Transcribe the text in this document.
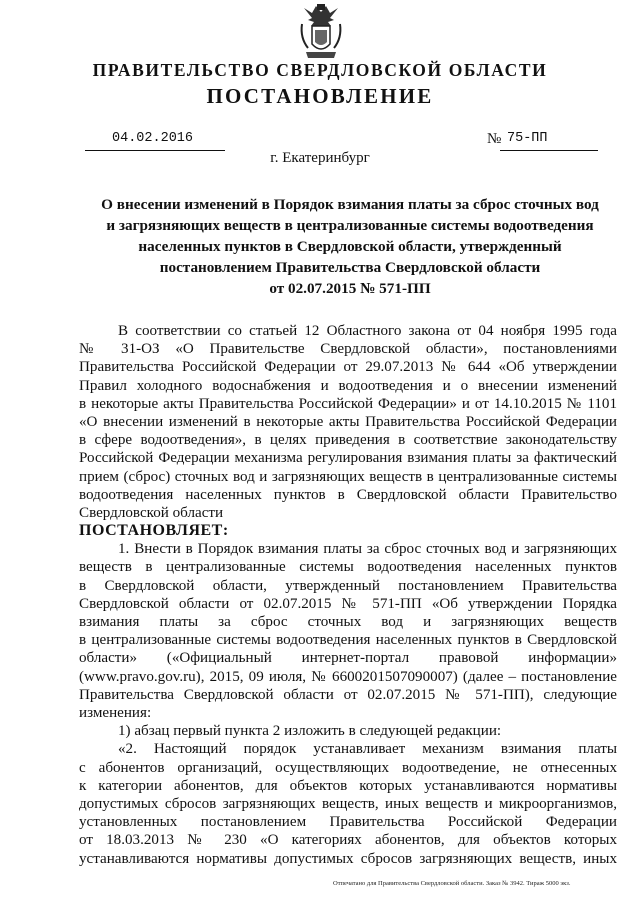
ПРАВИТЕЛЬСТВО СВЕРДЛОВСКОЙ ОБЛАСТИ
ПОСТАНОВЛЕНИЕ
04.02.2016	№ 75-ПП
г. Екатеринбург
О внесении изменений в Порядок взимания платы за сброс сточных вод
и загрязняющих веществ в централизованные системы водоотведения
населенных пунктов в Свердловской области, утвержденный
постановлением Правительства Свердловской области
от 02.07.2015 № 571-ПП
В соответствии со статьей 12 Областного закона от 04 ноября 1995 года
№ 31-ОЗ «О Правительстве Свердловской области», постановлениями
Правительства Российской Федерации от 29.07.2013 № 644 «Об утверждении
Правил холодного водоснабжения и водоотведения и о внесении изменений
в некоторые акты Правительства Российской Федерации» и от 14.10.2015 № 1101
«О внесении изменений в некоторые акты Правительства Российской Федерации
в сфере водоотведения», в целях приведения в соответствие законодательству
Российской Федерации механизма регулирования взимания платы за фактический
прием (сброс) сточных вод и загрязняющих веществ в централизованные системы
водоотведения населенных пунктов в Свердловской области Правительство
Свердловской области
ПОСТАНОВЛЯЕТ:
1. Внести в Порядок взимания платы за сброс сточных вод и загрязняющих
веществ в централизованные системы водоотведения населенных пунктов
в Свердловской области, утвержденный постановлением Правительства
Свердловской области от 02.07.2015 № 571-ПП «Об утверждении Порядка
взимания платы за сброс сточных вод и загрязняющих веществ
в централизованные системы водоотведения населенных пунктов в Свердловской
области» («Официальный интернет-портал правовой информации»
(www.pravo.gov.ru), 2015, 09 июля, № 6600201507090007) (далее – постановление
Правительства Свердловской области от 02.07.2015 № 571-ПП), следующие
изменения:
1) абзац первый пункта 2 изложить в следующей редакции:
«2. Настоящий порядок устанавливает механизм взимания платы
с абонентов организаций, осуществляющих водоотведение, не отнесенных
к категории абонентов, для объектов которых устанавливаются нормативы
допустимых сбросов загрязняющих веществ, иных веществ и микроорганизмов,
установленных постановлением Правительства Российской Федерации
от 18.03.2013 № 230 «О категориях абонентов, для объектов которых
устанавливаются нормативы допустимых сбросов загрязняющих веществ, иных
Отпечатано для Правительства Свердловской области. Заказ № 3942. Тираж 5000 экз.
